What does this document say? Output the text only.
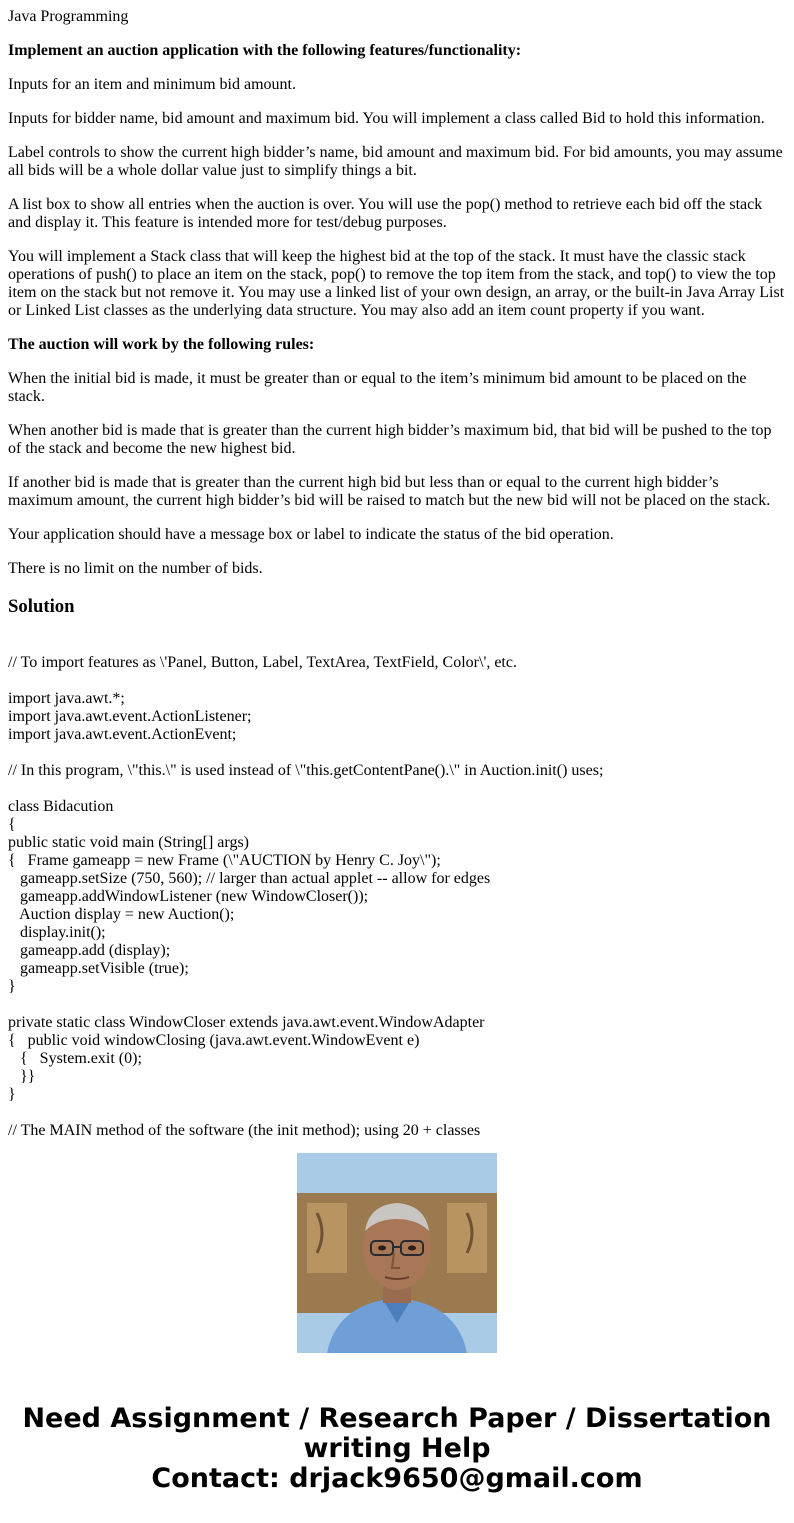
Java Programming

Implement an auction application with the following features/functionality:

Inputs for an item and minimum bid amount.

Inputs for bidder name, bid amount and maximum bid. You will implement a class called Bid to hold this information.

Label controls to show the current high bidder’s name, bid amount and maximum bid. For bid amounts, you may assume all bids will be a whole dollar value just to simplify things a bit.

A list box to show all entries when the auction is over. You will use the pop() method to retrieve each bid off the stack and display it. This feature is intended more for test/debug purposes.

You will implement a Stack class that will keep the highest bid at the top of the stack. It must have the classic stack operations of push() to place an item on the stack, pop() to remove the top item from the stack, and top() to view the top item on the stack but not remove it. You may use a linked list of your own design, an array, or the built-in Java Array List or Linked List classes as the underlying data structure. You may also add an item count property if you want.

The auction will work by the following rules:

When the initial bid is made, it must be greater than or equal to the item’s minimum bid amount to be placed on the stack.

When another bid is made that is greater than the current high bidder’s maximum bid, that bid will be pushed to the top of the stack and become the new highest bid.

If another bid is made that is greater than the current high bid but less than or equal to the current high bidder’s maximum amount, the current high bidder’s bid will be raised to match but the new bid will not be placed on the stack.

Your application should have a message box or label to indicate the status of the bid operation.

There is no limit on the number of bids.

Solution
// To import features as \'Panel, Button, Label, TextArea, TextField, Color\', etc.
import java.awt.*;
import java.awt.event.ActionListener;
import java.awt.event.ActionEvent;
// In this program, \"this.\" is used instead of \"this.getContentPane().\" in Auction.init() uses;
class Bidacution
{
public static void main (String[] args)
{   Frame gameapp = new Frame (\"AUCTION by Henry C. Joy\");
gameapp.setSize (750, 560); // larger than actual applet -- allow for edges
gameapp.addWindowListener (new WindowCloser());
Auction display = new Auction();
display.init();
gameapp.add (display);
gameapp.setVisible (true);
}
private static class WindowCloser extends java.awt.event.WindowAdapter
{   public void windowClosing (java.awt.event.WindowEvent e)
{   System.exit (0);
}}
}
// The MAIN method of the software (the init method); using 20 + classes
Need Assignment / Research Paper / Dissertation
writing Help
Contact: drjack9650@gmail.com
